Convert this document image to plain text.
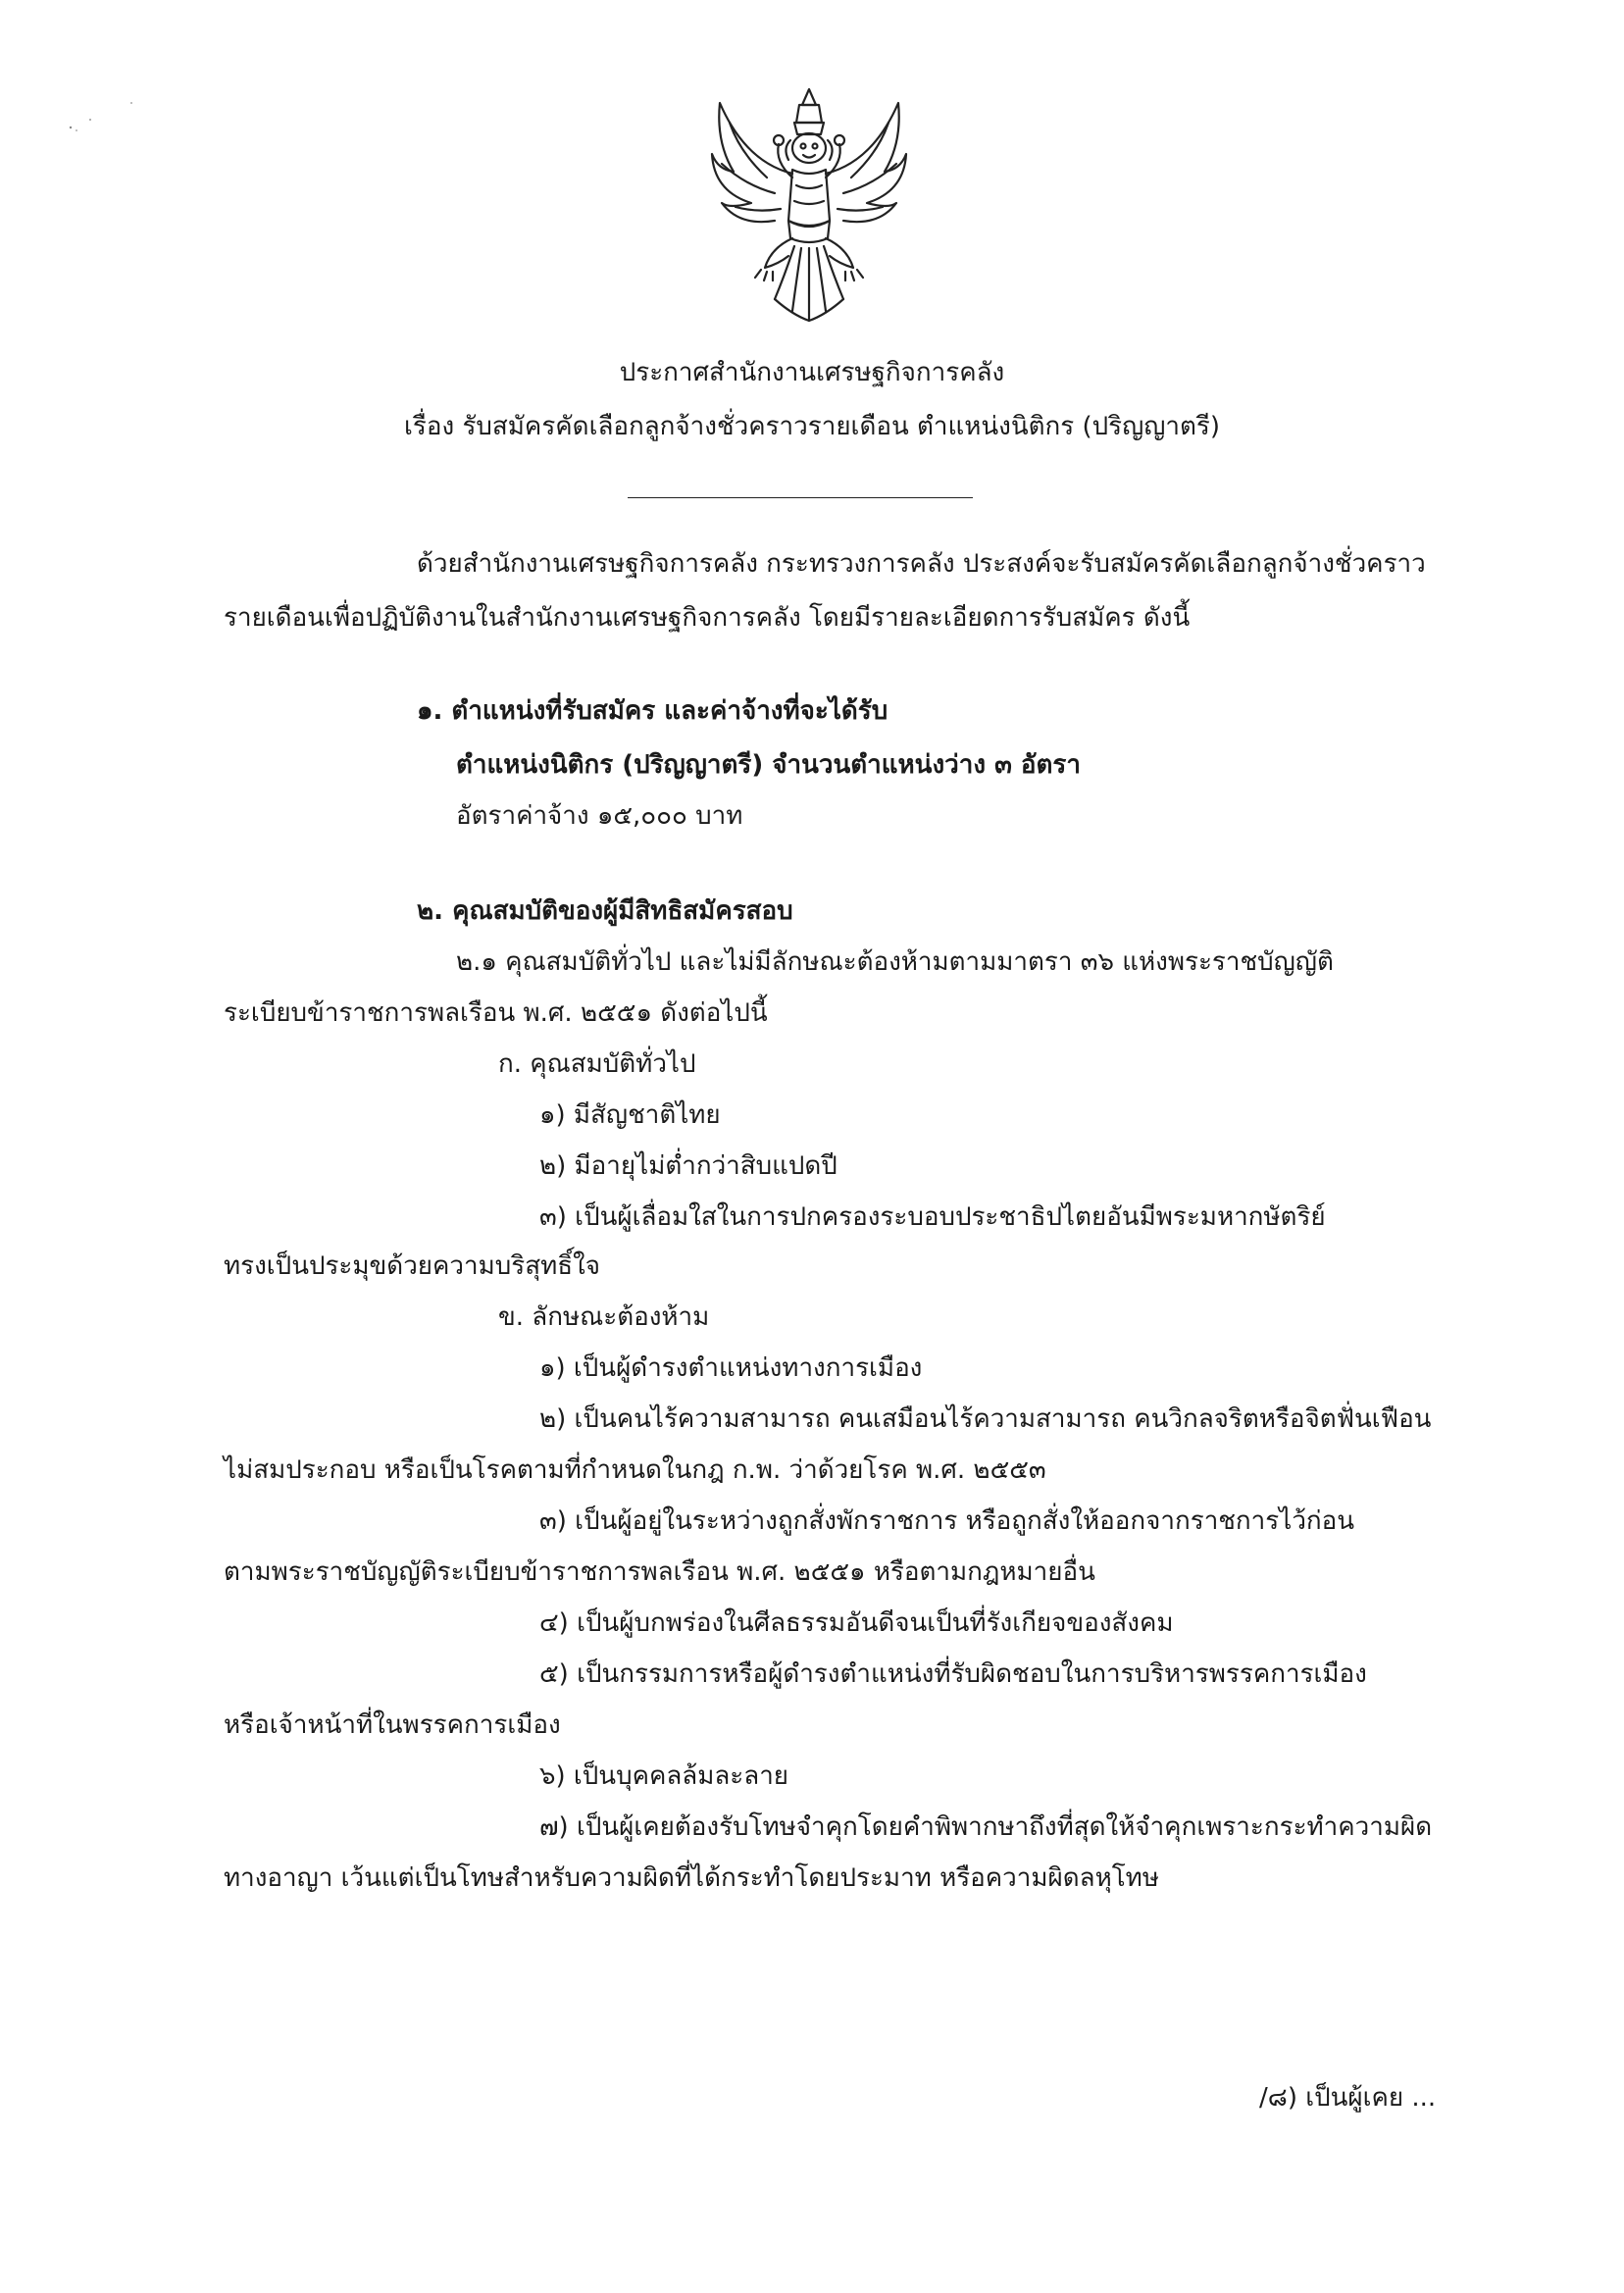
ประกาศสำนักงานเศรษฐกิจการคลัง
เรื่อง รับสมัครคัดเลือกลูกจ้างชั่วคราวรายเดือน ตำแหน่งนิติกร (ปริญญาตรี)
ด้วยสำนักงานเศรษฐกิจการคลัง กระทรวงการคลัง ประสงค์จะรับสมัครคัดเลือกลูกจ้างชั่วคราว
รายเดือนเพื่อปฏิบัติงานในสำนักงานเศรษฐกิจการคลัง โดยมีรายละเอียดการรับสมัคร ดังนี้
๑. ตำแหน่งที่รับสมัคร และค่าจ้างที่จะได้รับ
ตำแหน่งนิติกร (ปริญญาตรี) จำนวนตำแหน่งว่าง ๓ อัตรา
อัตราค่าจ้าง ๑๕,๐๐๐ บาท
๒. คุณสมบัติของผู้มีสิทธิสมัครสอบ
๒.๑ คุณสมบัติทั่วไป และไม่มีลักษณะต้องห้ามตามมาตรา ๓๖ แห่งพระราชบัญญัติ
ระเบียบข้าราชการพลเรือน พ.ศ. ๒๕๕๑ ดังต่อไปนี้
ก. คุณสมบัติทั่วไป
๑) มีสัญชาติไทย
๒) มีอายุไม่ต่ำกว่าสิบแปดปี
๓) เป็นผู้เลื่อมใสในการปกครองระบอบประชาธิปไตยอันมีพระมหากษัตริย์
ทรงเป็นประมุขด้วยความบริสุทธิ์ใจ
ข. ลักษณะต้องห้าม
๑) เป็นผู้ดำรงตำแหน่งทางการเมือง
๒) เป็นคนไร้ความสามารถ คนเสมือนไร้ความสามารถ คนวิกลจริตหรือจิตฟั่นเฟือน
ไม่สมประกอบ หรือเป็นโรคตามที่กำหนดในกฎ ก.พ. ว่าด้วยโรค พ.ศ. ๒๕๕๓
๓) เป็นผู้อยู่ในระหว่างถูกสั่งพักราชการ หรือถูกสั่งให้ออกจากราชการไว้ก่อน
ตามพระราชบัญญัติระเบียบข้าราชการพลเรือน พ.ศ. ๒๕๕๑ หรือตามกฎหมายอื่น
๔) เป็นผู้บกพร่องในศีลธรรมอันดีจนเป็นที่รังเกียจของสังคม
๕) เป็นกรรมการหรือผู้ดำรงตำแหน่งที่รับผิดชอบในการบริหารพรรคการเมือง
หรือเจ้าหน้าที่ในพรรคการเมือง
๖) เป็นบุคคลล้มละลาย
๗) เป็นผู้เคยต้องรับโทษจำคุกโดยคำพิพากษาถึงที่สุดให้จำคุกเพราะกระทำความผิด
ทางอาญา เว้นแต่เป็นโทษสำหรับความผิดที่ได้กระทำโดยประมาท หรือความผิดลหุโทษ
/๘) เป็นผู้เคย ...
